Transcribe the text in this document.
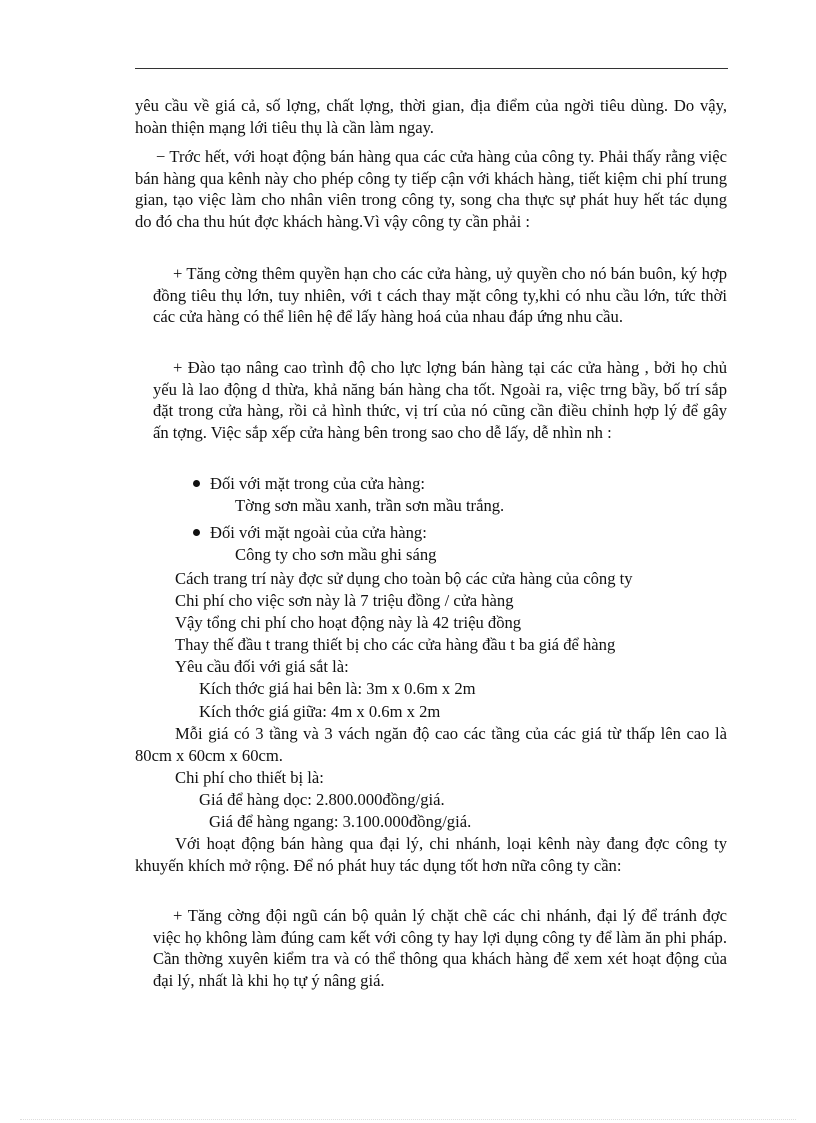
yêu cầu về giá cả, số lợng, chất lợng, thời gian, địa điểm của ngời tiêu dùng. Do vậy, hoàn thiện mạng lới tiêu thụ là cần làm ngay.
− Trớc hết, với hoạt động bán hàng qua các cửa hàng của công ty. Phải thấy rằng việc bán hàng qua kênh này cho phép công ty tiếp cận với khách hàng, tiết kiệm chi phí trung gian, tạo việc làm cho nhân viên trong công ty, song cha thực sự phát huy hết tác dụng do đó cha thu hút đợc khách hàng.Vì vậy công ty cần phải :
+ Tăng cờng thêm quyền hạn cho các cửa hàng, uỷ quyền cho nó bán buôn, ký hợp đồng tiêu thụ lớn, tuy nhiên, với t cách thay mặt công ty,khi có nhu cầu lớn, tức thời các cửa hàng có thể liên hệ để lấy hàng hoá của nhau đáp ứng nhu cầu.
+ Đào tạo nâng cao trình độ cho lực lợng bán hàng tại các cửa hàng , bởi họ chủ yếu là lao động d thừa, khả năng bán hàng cha tốt. Ngoài ra, việc trng bầy, bố trí sắp đặt trong cửa hàng, rồi cả hình thức, vị trí của nó cũng cần điều chỉnh hợp lý để gây ấn tợng. Việc sắp xếp cửa hàng bên trong sao cho dễ lấy, dễ nhìn nh :
Đối với mặt trong của cửa hàng:
Tờng sơn mầu xanh, trần sơn mầu trắng.
Đối với mặt ngoài của cửa hàng:
Công ty cho sơn mầu ghi sáng
Cách trang trí này đợc sử dụng cho toàn bộ các cửa hàng của công ty
Chi phí cho việc sơn này là 7 triệu đồng / cửa hàng
Vậy tổng chi phí cho hoạt động này là 42 triệu đồng
Thay thế đầu t trang thiết bị cho các cửa hàng đầu t ba giá để hàng
Yêu cầu đối với giá sắt là:
Kích thớc giá hai bên là: 3m x 0.6m x 2m
Kích thớc giá giữa: 4m x 0.6m x 2m
Mỗi giá có 3 tầng và 3 vách ngăn độ cao các tầng của các giá từ thấp lên cao là 80cm x 60cm x 60cm.
Chi phí cho thiết bị là:
Giá để hàng dọc: 2.800.000đồng/giá.
Giá để hàng ngang: 3.100.000đồng/giá.
Với hoạt động bán hàng qua đại lý, chi nhánh, loại kênh này đang đợc công ty khuyến khích mở rộng. Để nó phát huy tác dụng tốt hơn nữa công ty cần:
+ Tăng cờng đội ngũ cán bộ quản lý chặt chẽ các chi nhánh, đại lý để tránh đợc việc họ không làm đúng cam kết với công ty hay lợi dụng công ty để làm ăn phi pháp. Cần thờng xuyên kiểm tra và có thể thông qua khách hàng để xem xét hoạt động của đại lý, nhất là khi họ tự ý nâng giá.
